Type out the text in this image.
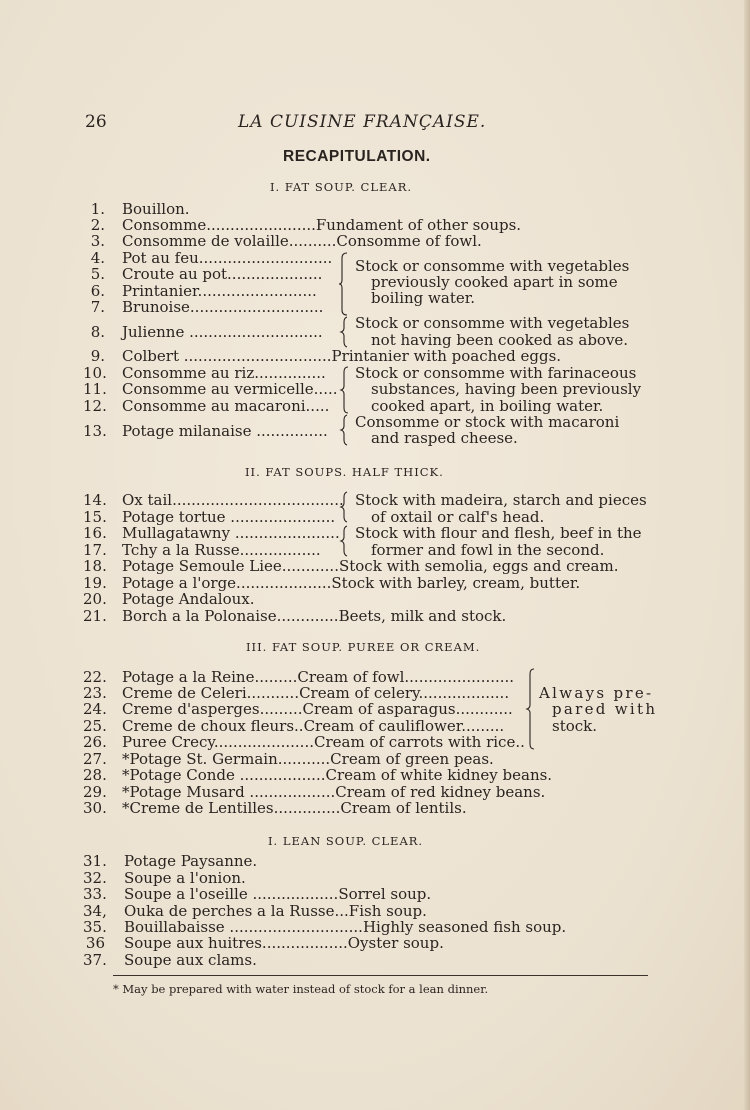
26	LA CUISINE FRANÇAISE.
RECAPITULATION.
I. FAT SOUP. CLEAR.
II. FAT SOUPS. HALF THICK.
III. FAT SOUP. PUREE OR CREAM.
I. LEAN SOUP. CLEAR.
1. Bouillon.
2. Consomme.......................Fundament of other soups.
3. Consomme de volaille..........Consomme of fowl.
4. Pot au feu............................
5. Croute au pot....................
6. Printanier.........................
7. Brunoise............................
Stock or consomme with vegetables
previously cooked apart in some
boiling water.
8. Julienne ............................ Stock or consomme with vegetables
not having been cooked as above.
9. Colbert ...............................Printanier with poached eggs.
10. Consomme au riz...............
11. Consomme au vermicelle.....
12. Consomme au macaroni.....
Stock or consomme with farinaceous
substances, having been previously
cooked apart, in boiling water.
13. Potage milanaise ............... Consomme or stock with macaroni
and rasped cheese.
14. Ox tail....................................
15. Potage tortue ......................
Stock with madeira, starch and pieces
of oxtail or calf's head.
16. Mullagatawny ......................
17. Tchy a la Russe.................
Stock with flour and flesh, beef in the
former and fowl in the second.
18. Potage Semoule Liee............Stock with semolia, eggs and cream.
19. Potage a l'orge....................Stock with barley, cream, butter.
20. Potage Andaloux.
21. Borch a la Polonaise.............Beets, milk and stock.
22. Potage a la Reine.........Cream of fowl.......................
23. Creme de Celeri...........Cream of celery...................
24. Creme d'asperges.........Cream of asparagus............
25. Creme de choux fleurs..Cream of cauliflower.........
26. Puree Crecy.....................Cream of carrots with rice..
Always pre-
pared with
stock.
27. *Potage St. Germain...........Cream of green peas.
28. *Potage Conde ..................Cream of white kidney beans.
29. *Potage Musard ..................Cream of red kidney beans.
30. *Creme de Lentilles..............Cream of lentils.
31. Potage Paysanne.
32. Soupe a l'onion.
33. Soupe a l'oseille ..................Sorrel soup.
34, Ouka de perches a la Russe...Fish soup.
35. Bouillabaisse ............................Highly seasoned fish soup.
36 Soupe aux huitres..................Oyster soup.
37. Soupe aux clams.
* May be prepared with water instead of stock for a lean dinner.
